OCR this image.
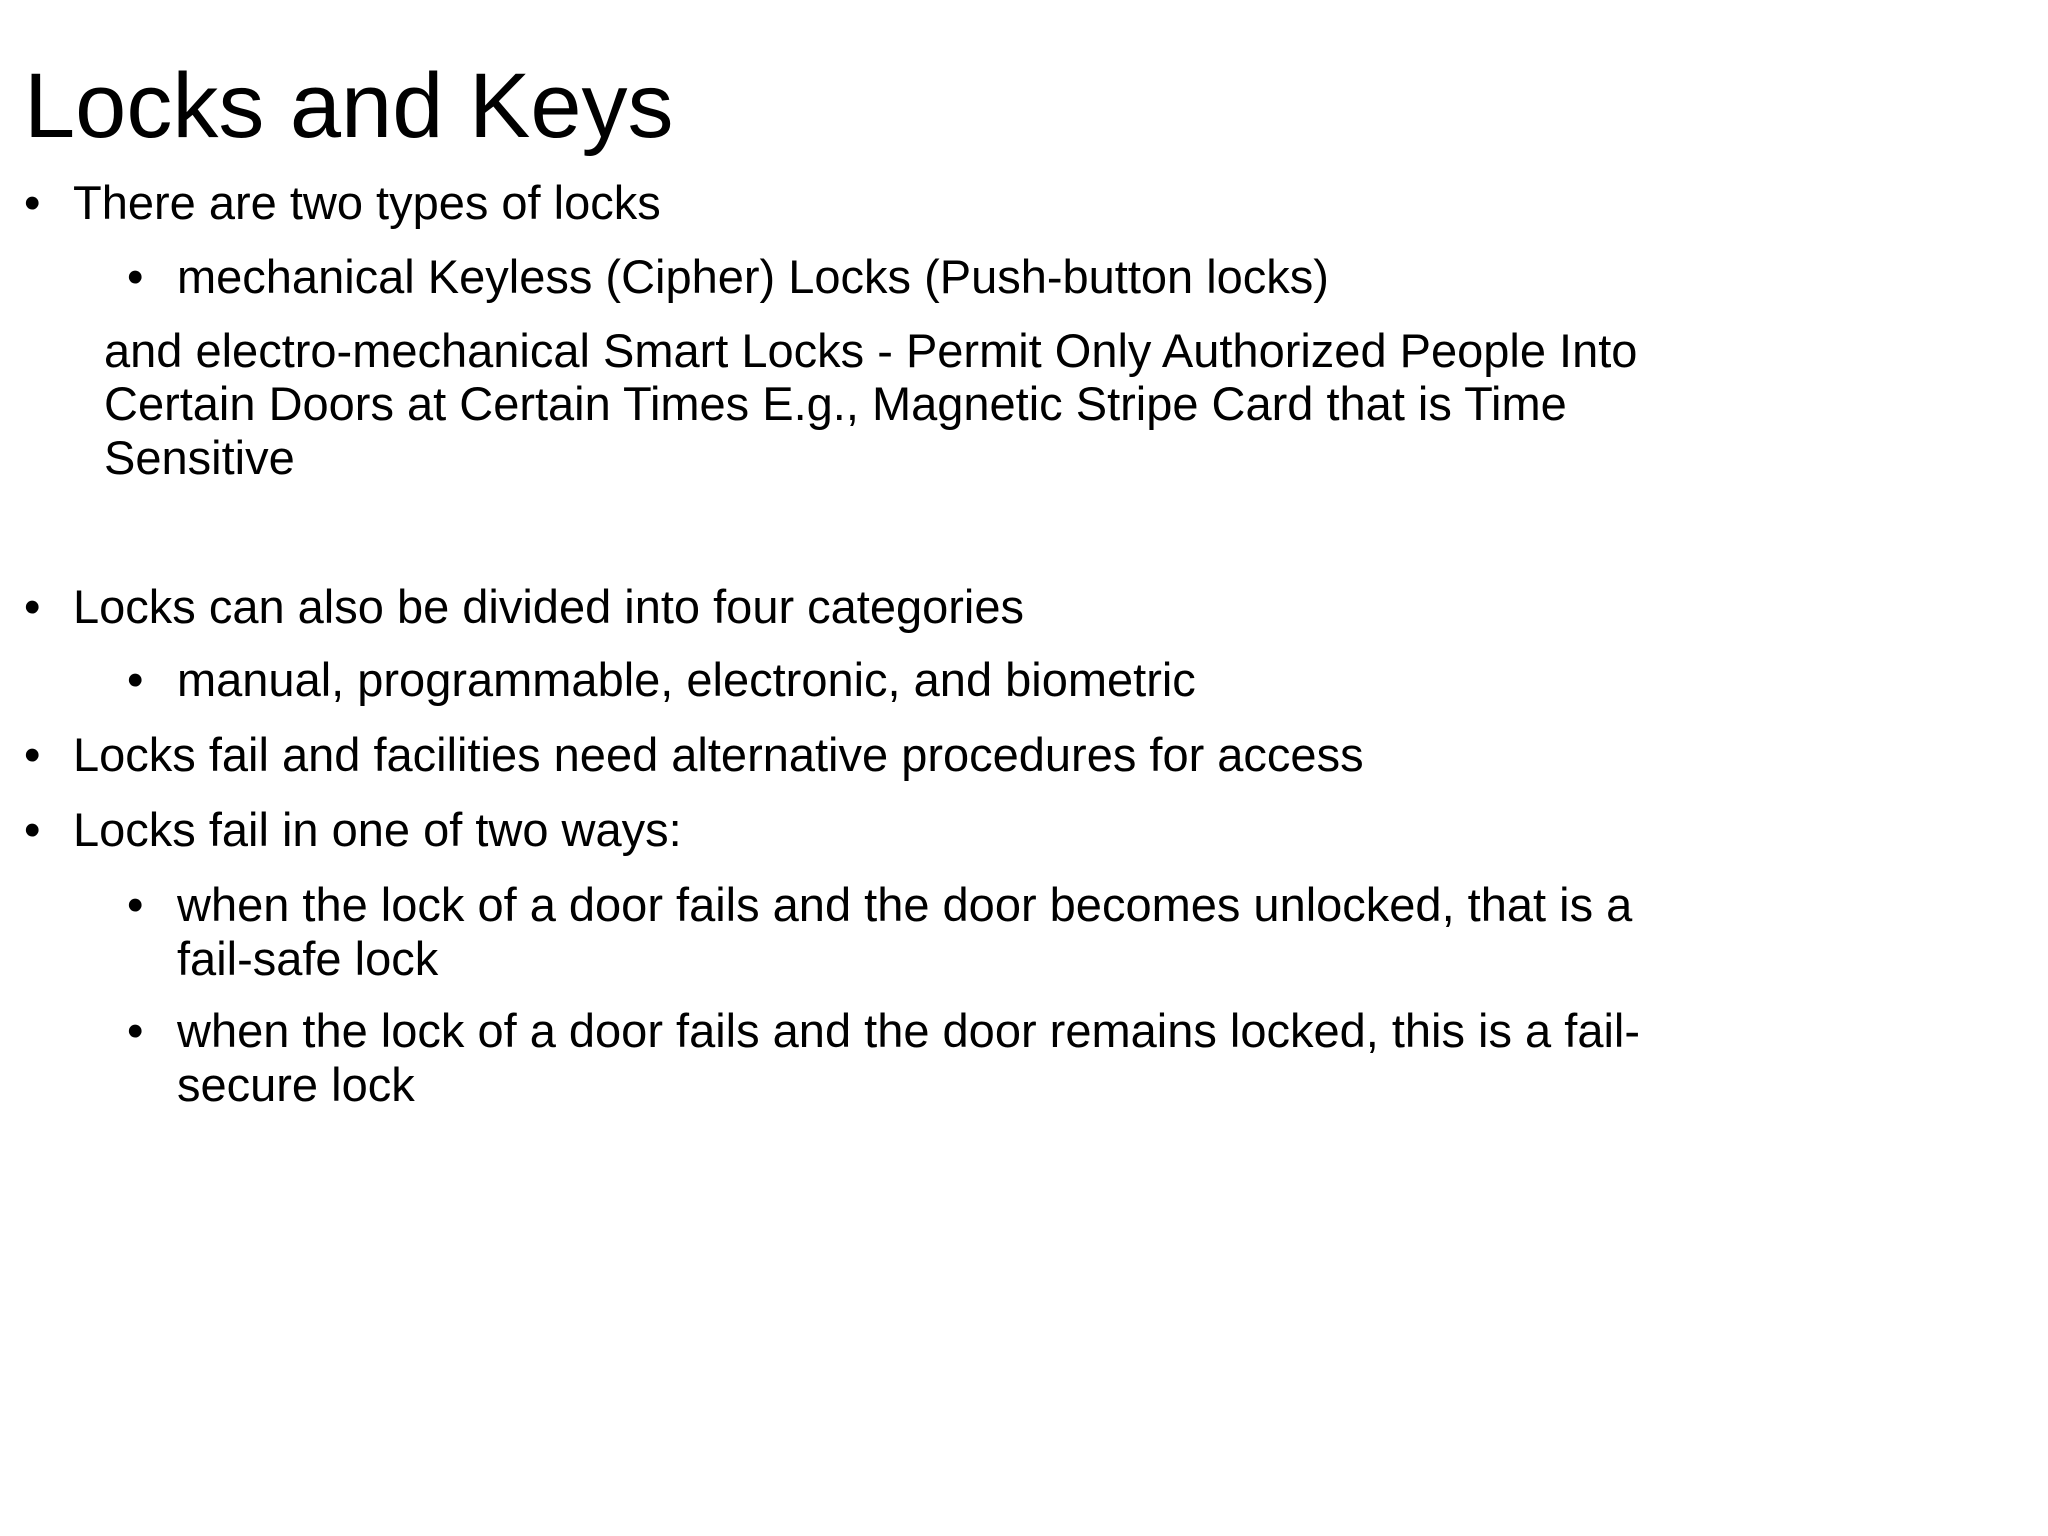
Locks and Keys
• There are two types of locks
• mechanical Keyless (Cipher) Locks (Push-button locks)
and electro-mechanical Smart Locks - Permit Only Authorized People Into
Certain Doors at Certain Times E.g., Magnetic Stripe Card that is Time
Sensitive
• Locks can also be divided into four categories
• manual, programmable, electronic, and biometric
• Locks fail and facilities need alternative procedures for access
• Locks fail in one of two ways:
• when the lock of a door fails and the door becomes unlocked, that is a
fail-safe lock
• when the lock of a door fails and the door remains locked, this is a fail-
secure lock
